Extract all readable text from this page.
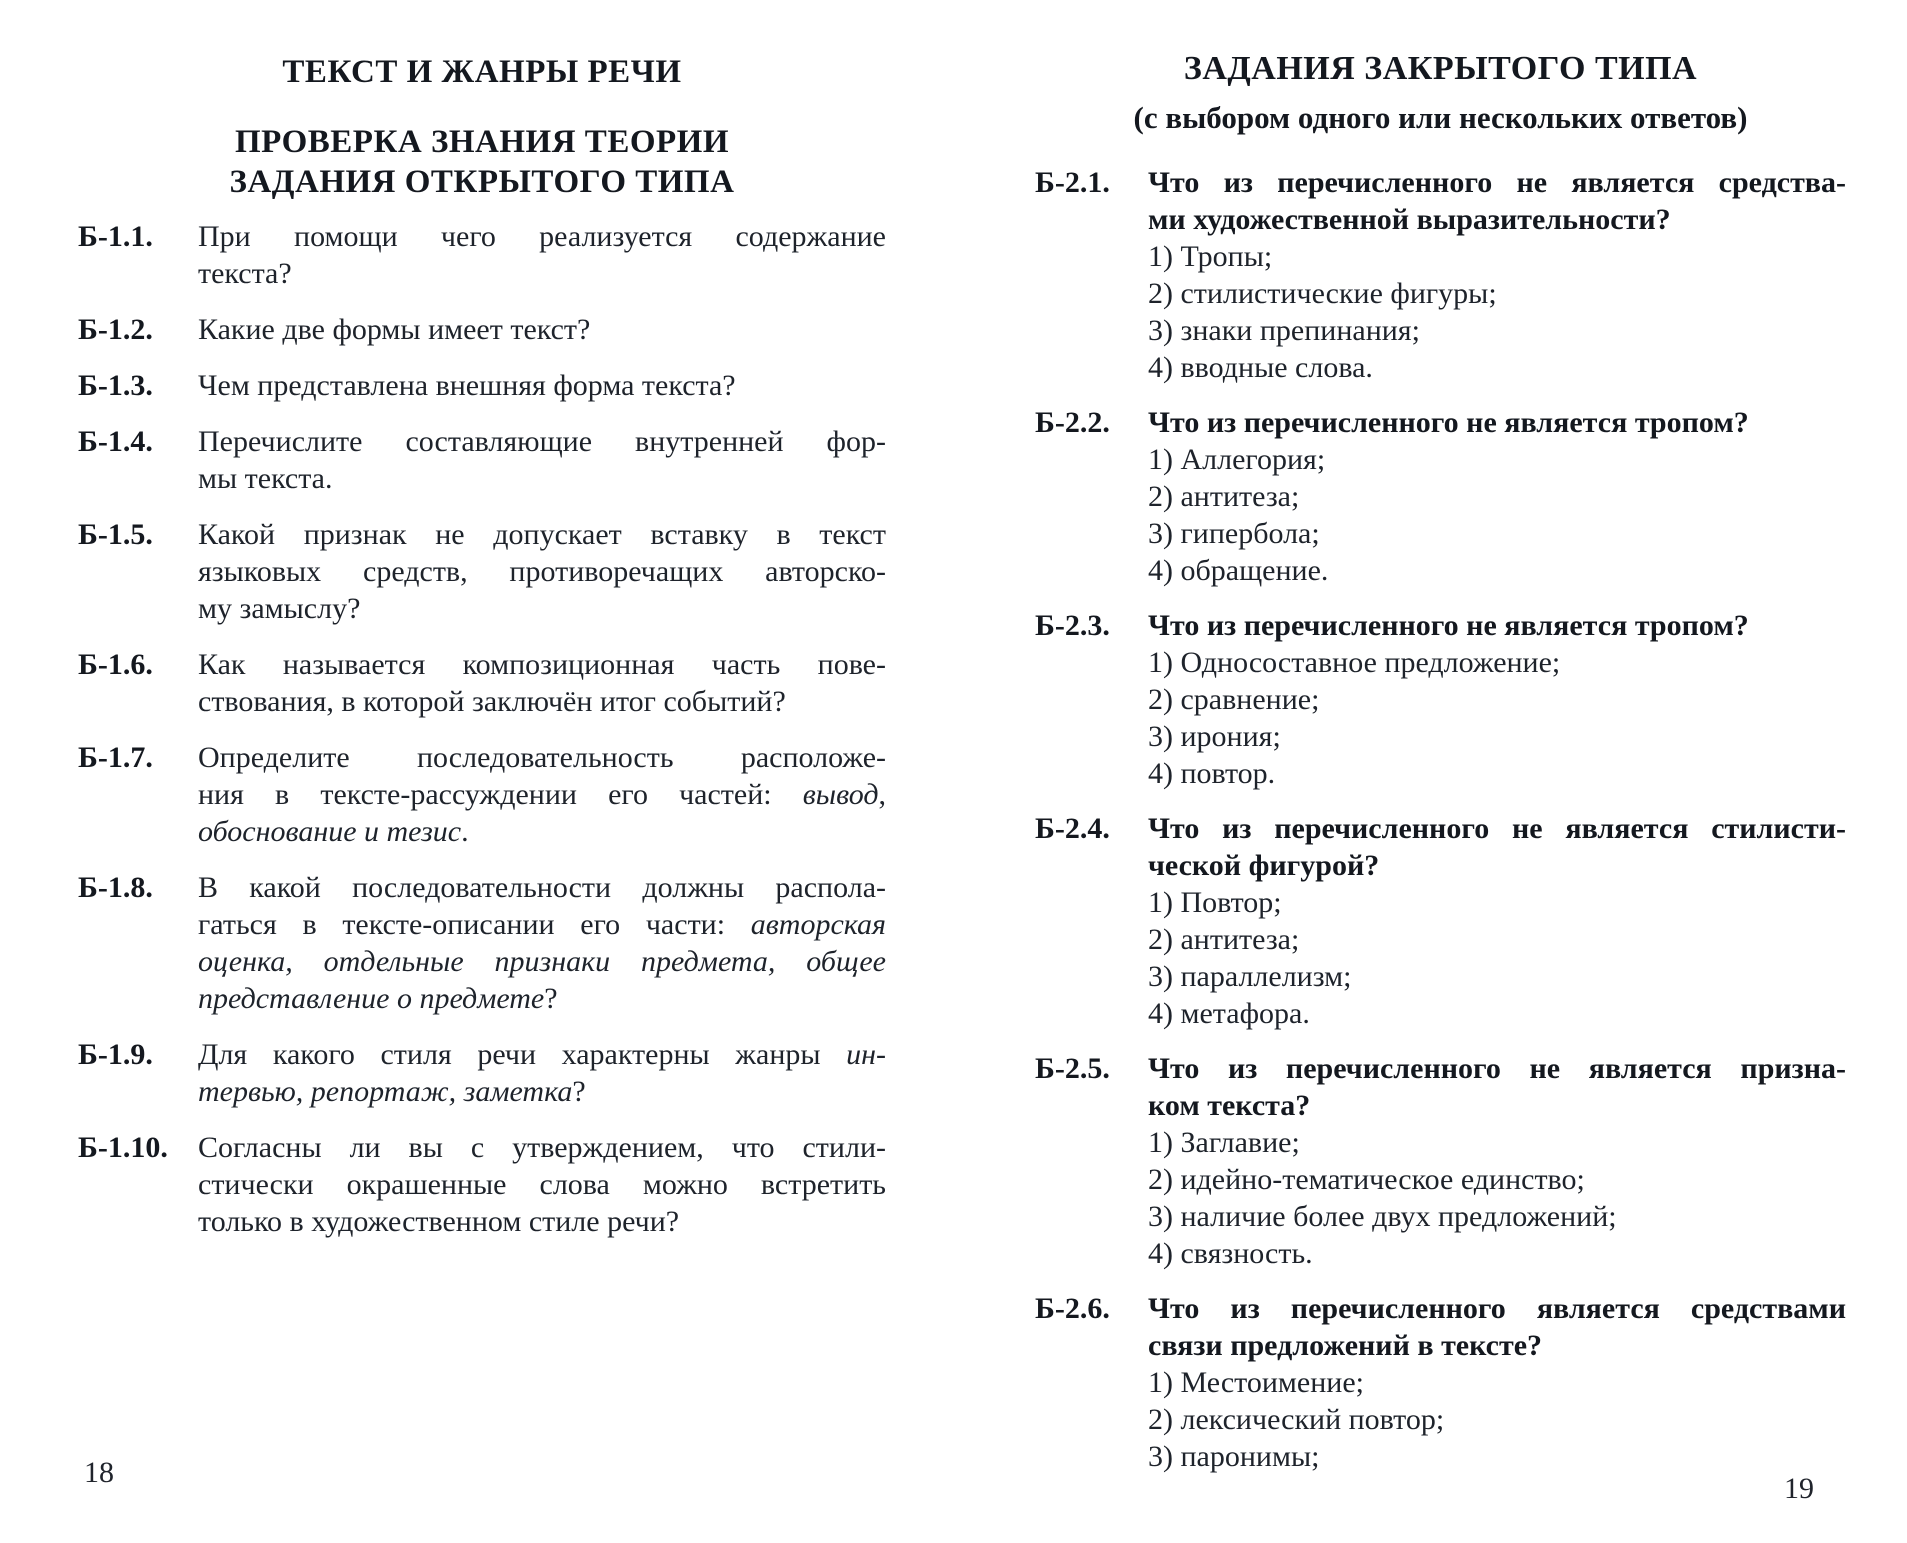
ТЕКСТ И ЖАНРЫ РЕЧИ
ПРОВЕРКА ЗНАНИЯ ТЕОРИИ
ЗАДАНИЯ ОТКРЫТОГО ТИПА
Б-1.1.	При помощи чего реализуется содержание
текста?
Б-1.2.	Какие две формы имеет текст?
Б-1.3.	Чем представлена внешняя форма текста?
Б-1.4.	Перечислите составляющие внутренней фор-
мы текста.
Б-1.5.	Какой признак не допускает вставку в текст
языковых средств, противоречащих авторско-
му замыслу?
Б-1.6.	Как называется композиционная часть пове-
ствования, в которой заключён итог событий?
Б-1.7.	Определите последовательность расположе-
ния в тексте-рассуждении его частей: вывод,
обоснование и тезис.
Б-1.8.	В какой последовательности должны распола-
гаться в тексте-описании его части: авторская
оценка, отдельные признаки предмета, общее
представление о предмете?
Б-1.9.	Для какого стиля речи характерны жанры ин-
тервью, репортаж, заметка?
Б-1.10.	Согласны ли вы с утверждением, что стили-
стически окрашенные слова можно встретить
только в художественном стиле речи?
ЗАДАНИЯ ЗАКРЫТОГО ТИПА
(с выбором одного или нескольких ответов)
Б-2.1.	Что из перечисленного не является средства-
ми художественной выразительности?
1) Тропы;
2) стилистические фигуры;
3) знаки препинания;
4) вводные слова.
Б-2.2.	Что из перечисленного не является тропом?
1) Аллегория;
2) антитеза;
3) гипербола;
4) обращение.
Б-2.3.	Что из перечисленного не является тропом?
1) Односоставное предложение;
2) сравнение;
3) ирония;
4) повтор.
Б-2.4.	Что из перечисленного не является стилисти-
ческой фигурой?
1) Повтор;
2) антитеза;
3) параллелизм;
4) метафора.
Б-2.5.	Что из перечисленного не является призна-
ком текста?
1) Заглавие;
2) идейно-тематическое единство;
3) наличие более двух предложений;
4) связность.
Б-2.6.	Что из перечисленного является средствами
связи предложений в тексте?
1) Местоимение;
2) лексический повтор;
3) паронимы;
18	19
